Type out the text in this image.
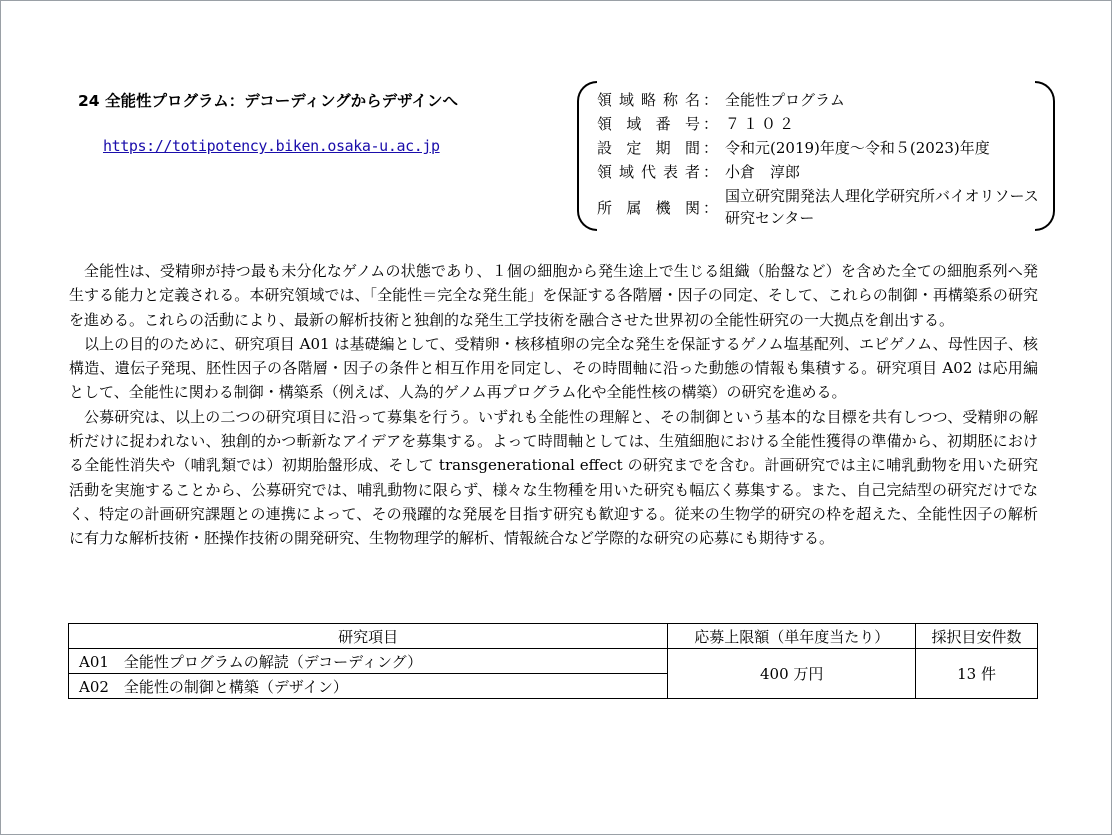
24 全能性プログラム：デコーディングからデザインへ
https://totipotency.biken.osaka-u.ac.jp
領域略称名 ： 全能性プログラム
領域番号 ： ７１０２
設定期間 ： 令和元(2019)年度～令和５(2023)年度
領域代表者 ： 小倉　淳郎
所属機関 ：
国立研究開発法人理化学研究所バイオリソース研究センター

全能性は、受精卵が持つ最も未分化なゲノムの状態であり、１個の細胞から発生途上で生じる組織（胎盤など）を含めた全ての細胞系列へ発生する能力と定義される。本研究領域では、「全能性＝完全な発生能」を保証する各階層・因子の同定、そして、これらの制御・再構築系の研究を進める。これらの活動により、最新の解析技術と独創的な発生工学技術を融合させた世界初の全能性研究の一大拠点を創出する。

以上の目的のために、研究項目 A01 は基礎編として、受精卵・核移植卵の完全な発生を保証するゲノム塩基配列、エピゲノム、母性因子、核構造、遺伝子発現、胚性因子の各階層・因子の条件と相互作用を同定し、その時間軸に沿った動態の情報も集積する。研究項目 A02 は応用編として、全能性に関わる制御・構築系（例えば、人為的ゲノム再プログラム化や全能性核の構築）の研究を進める。

公募研究は、以上の二つの研究項目に沿って募集を行う。いずれも全能性の理解と、その制御という基本的な目標を共有しつつ、受精卵の解析だけに捉われない、独創的かつ斬新なアイデアを募集する。よって時間軸としては、生殖細胞における全能性獲得の準備から、初期胚における全能性消失や（哺乳類では）初期胎盤形成、そして transgenerational effect の研究までを含む。計画研究では主に哺乳動物を用いた研究活動を実施することから、公募研究では、哺乳動物に限らず、様々な生物種を用いた研究も幅広く募集する。また、自己完結型の研究だけでなく、特定の計画研究課題との連携によって、その飛躍的な発展を目指す研究も歓迎する。従来の生物学的研究の枠を超えた、全能性因子の解析に有力な解析技術・胚操作技術の開発研究、生物物理学的解析、情報統合など学際的な研究の応募にも期待する。

研究項目	応募上限額（単年度当たり）	採択目安件数
A01　全能性プログラムの解読（デコーディング）	400 万円	13 件
A02　全能性の制御と構築（デザイン）		
